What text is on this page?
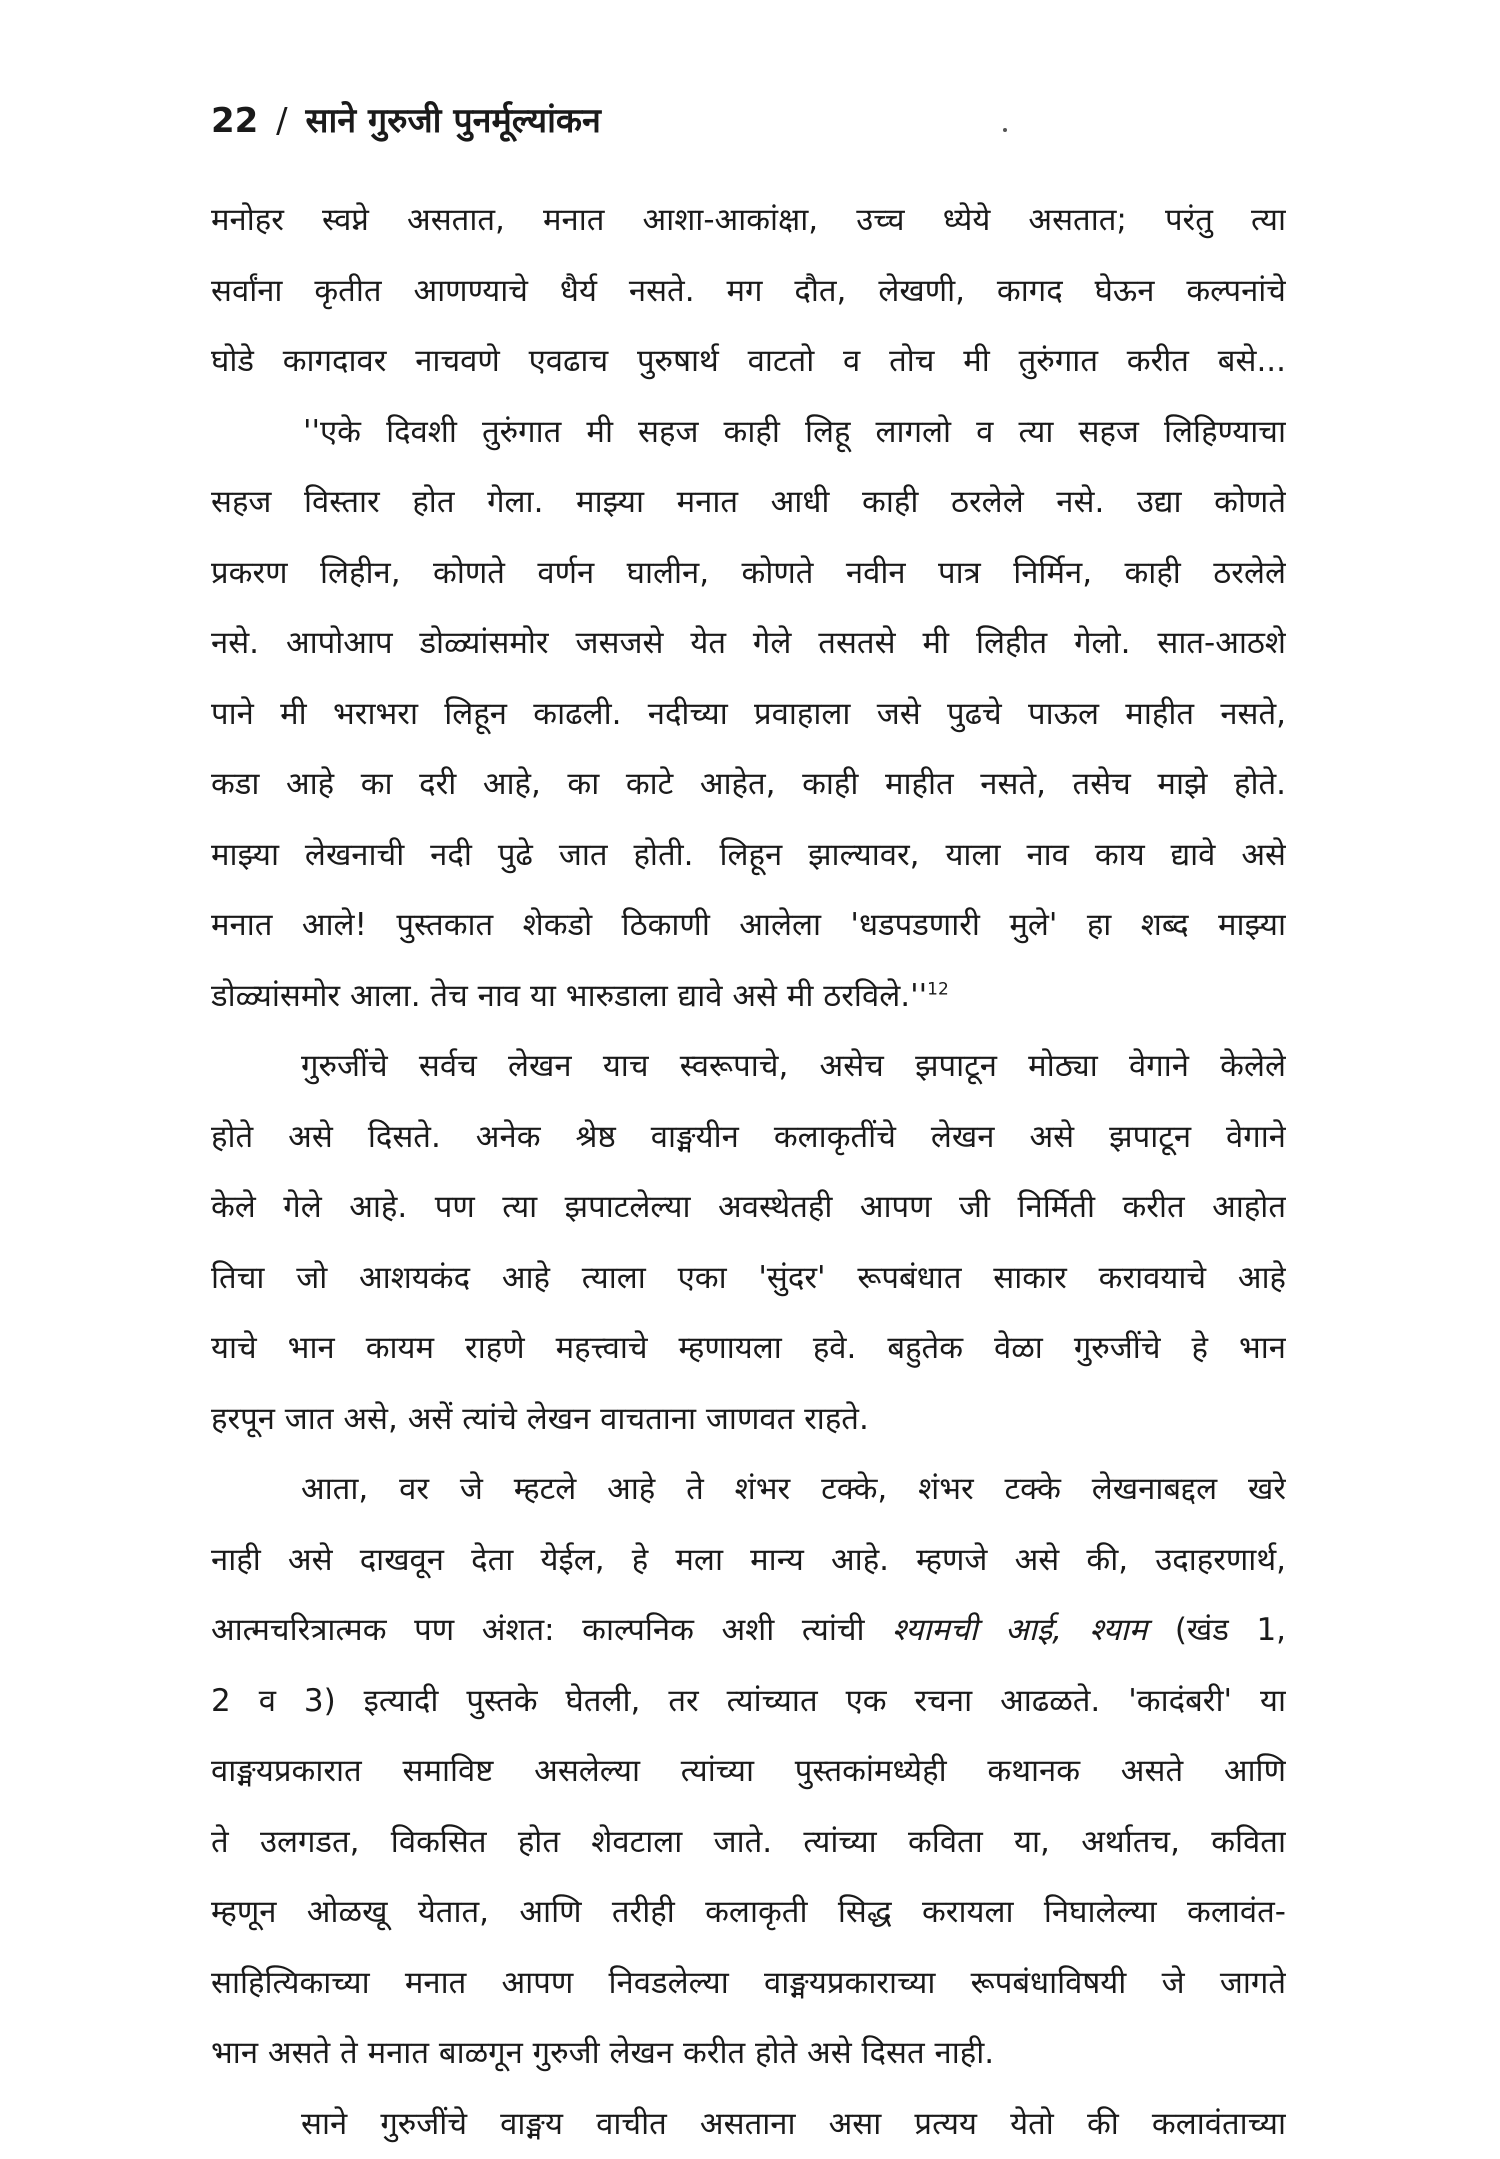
22 / साने गुरुजी पुनर्मूल्यांकन
मनोहर स्वप्ने असतात, मनात आशा-आकांक्षा, उच्च ध्येये असतात; परंतु त्या
सर्वांना कृतीत आणण्याचे धैर्य नसते. मग दौत, लेखणी, कागद घेऊन कल्पनांचे
घोडे कागदावर नाचवणे एवढाच पुरुषार्थ वाटतो व तोच मी तुरुंगात करीत बसे...
''एके दिवशी तुरुंगात मी सहज काही लिहू लागलो व त्या सहज लिहिण्याचा
सहज विस्तार होत गेला. माझ्या मनात आधी काही ठरलेले नसे. उद्या कोणते
प्रकरण लिहीन, कोणते वर्णन घालीन, कोणते नवीन पात्र निर्मिन, काही ठरलेले
नसे. आपोआप डोळ्यांसमोर जसजसे येत गेले तसतसे मी लिहीत गेलो. सात-आठशे
पाने मी भराभरा लिहून काढली. नदीच्या प्रवाहाला जसे पुढचे पाऊल माहीत नसते,
कडा आहे का दरी आहे, का काटे आहेत, काही माहीत नसते, तसेच माझे होते.
माझ्या लेखनाची नदी पुढे जात होती. लिहून झाल्यावर, याला नाव काय द्यावे असे
मनात आले! पुस्तकात शेकडो ठिकाणी आलेला 'धडपडणारी मुले' हा शब्द माझ्या
डोळ्यांसमोर आला. तेच नाव या भारुडाला द्यावे असे मी ठरविले.''$^{12}$
गुरुजींचे सर्वच लेखन याच स्वरूपाचे, असेच झपाटून मोठ्या वेगाने केलेले
होते असे दिसते. अनेक श्रेष्ठ वाङ्मयीन कलाकृतींचे लेखन असे झपाटून वेगाने
केले गेले आहे. पण त्या झपाटलेल्या अवस्थेतही आपण जी निर्मिती करीत आहोत
तिचा जो आशयकंद आहे त्याला एका 'सुंदर' रूपबंधात साकार करावयाचे आहे
याचे भान कायम राहणे महत्त्वाचे म्हणायला हवे. बहुतेक वेळा गुरुजींचे हे भान
हरपून जात असे, असें त्यांचे लेखन वाचताना जाणवत राहते.
आता, वर जे म्हटले आहे ते शंभर टक्के, शंभर टक्के लेखनाबद्दल खरे
नाही असे दाखवून देता येईल, हे मला मान्य आहे. म्हणजे असे की, उदाहरणार्थ,
आत्मचरित्रात्मक पण अंशत: काल्पनिक अशी त्यांची श्यामची आई, श्याम (खंड 1,
2 व 3) इत्यादी पुस्तके घेतली, तर त्यांच्यात एक रचना आढळते. 'कादंबरी' या
वाङ्मयप्रकारात समाविष्ट असलेल्या त्यांच्या पुस्तकांमध्येही कथानक असते आणि
ते उलगडत, विकसित होत शेवटाला जाते. त्यांच्या कविता या, अर्थातच, कविता
म्हणून ओळखू येतात, आणि तरीही कलाकृती सिद्ध करायला निघालेल्या कलावंत-
साहित्यिकाच्या मनात आपण निवडलेल्या वाङ्मयप्रकाराच्या रूपबंधाविषयी जे जागते
भान असते ते मनात बाळगून गुरुजी लेखन करीत होते असे दिसत नाही.
साने गुरुजींचे वाङ्मय वाचीत असताना असा प्रत्यय येतो की कलावंताच्या
